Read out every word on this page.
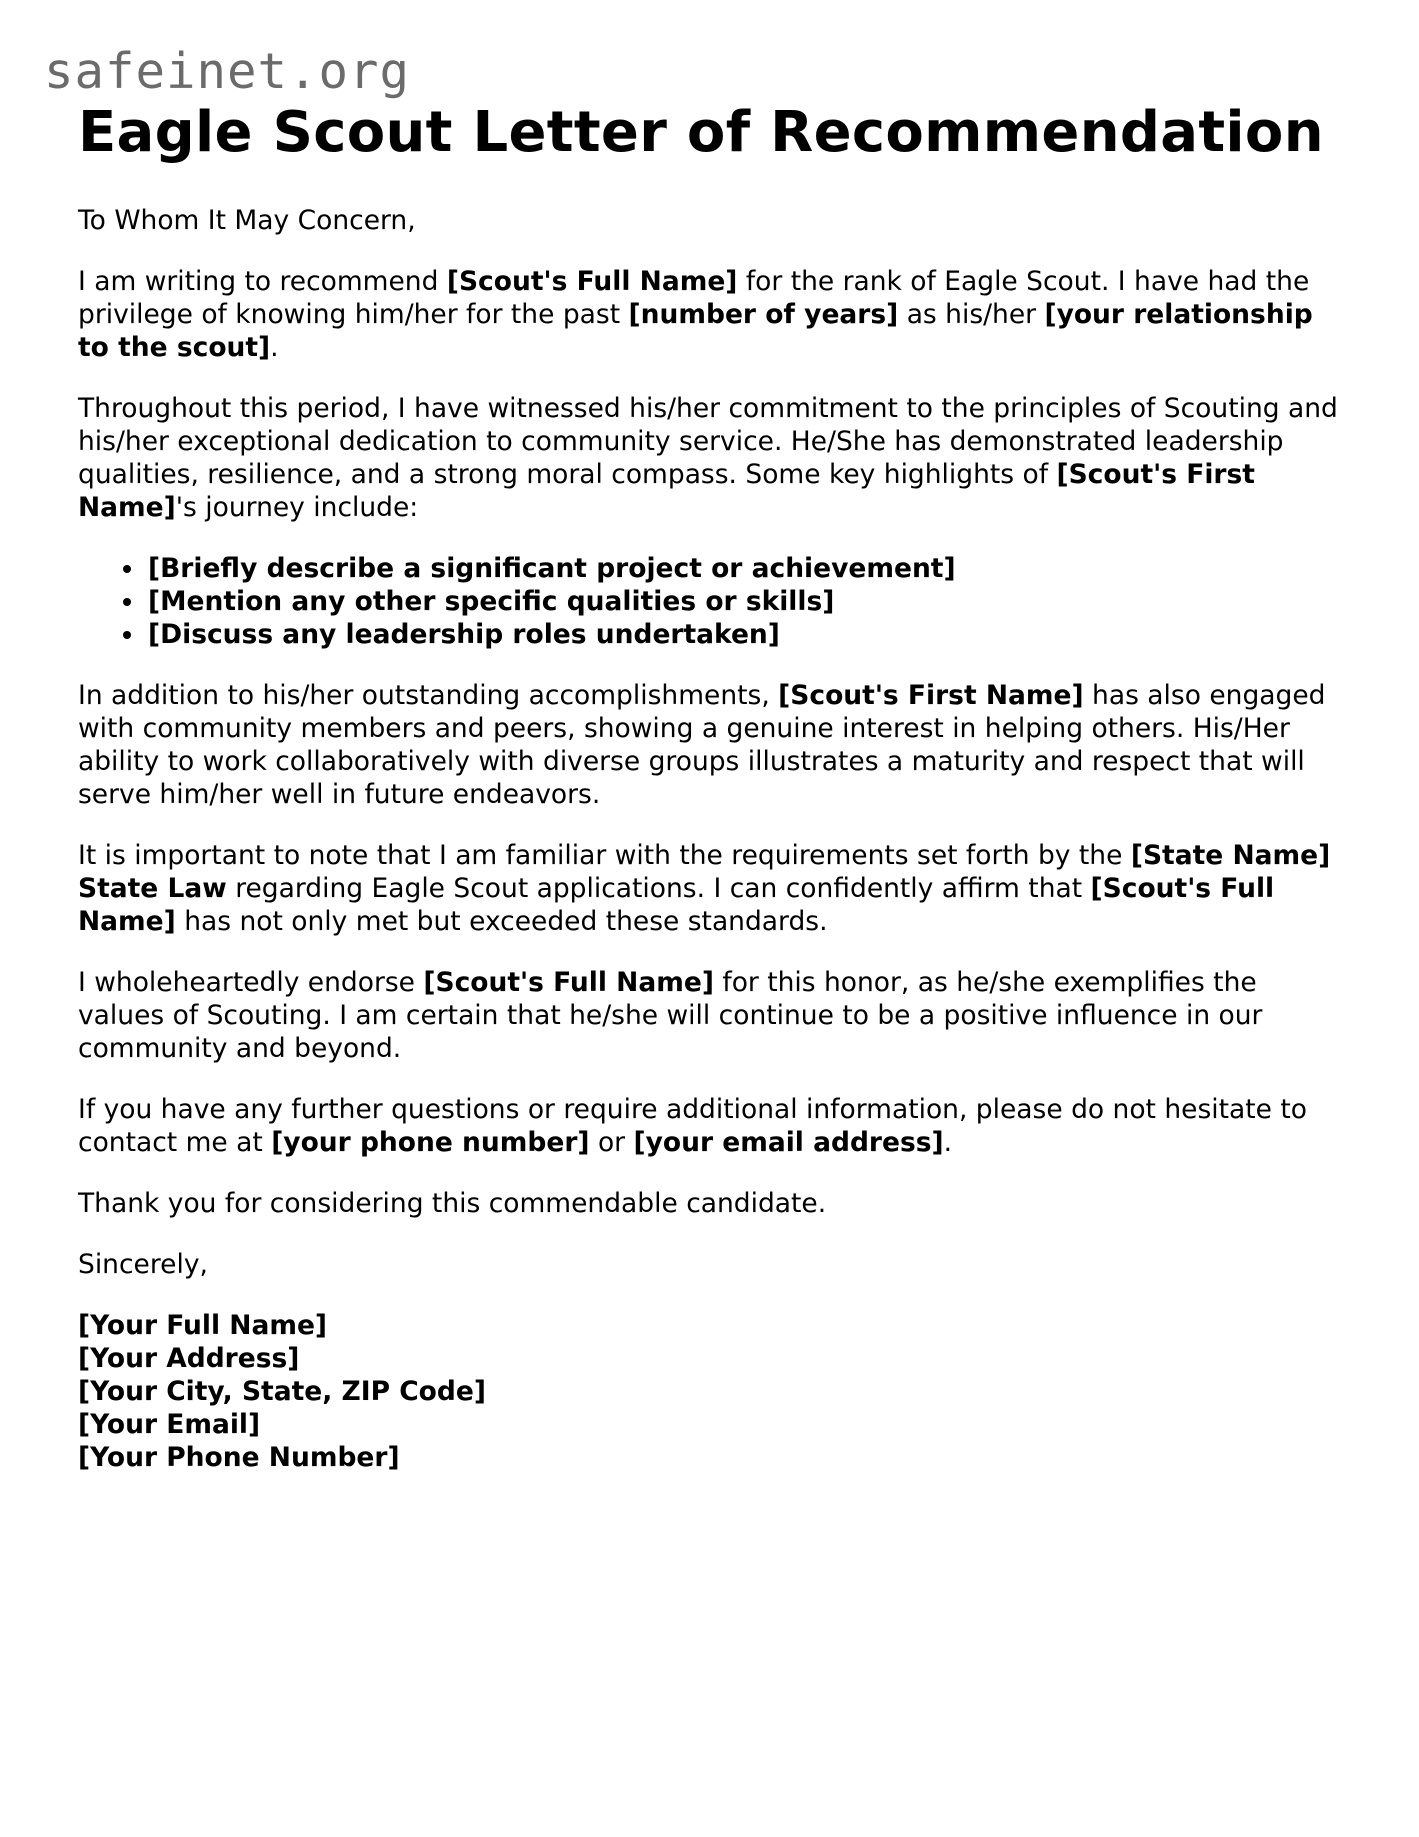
safeinet.org
Eagle Scout Letter of Recommendation

To Whom It May Concern,

I am writing to recommend [Scout's Full Name] for the rank of Eagle Scout. I have had the privilege of knowing him/her for the past [number of years] as his/her [your relationship to the scout].

Throughout this period, I have witnessed his/her commitment to the principles of Scouting and his/her exceptional dedication to community service. He/She has demonstrated leadership qualities, resilience, and a strong moral compass. Some key highlights of [Scout's First Name]'s journey include:

• [Briefly describe a significant project or achievement]
• [Mention any other specific qualities or skills]
• [Discuss any leadership roles undertaken]

In addition to his/her outstanding accomplishments, [Scout's First Name] has also engaged with community members and peers, showing a genuine interest in helping others. His/Her ability to work collaboratively with diverse groups illustrates a maturity and respect that will serve him/her well in future endeavors.

It is important to note that I am familiar with the requirements set forth by the [State Name] State Law regarding Eagle Scout applications. I can confidently affirm that [Scout's Full Name] has not only met but exceeded these standards.

I wholeheartedly endorse [Scout's Full Name] for this honor, as he/she exemplifies the values of Scouting. I am certain that he/she will continue to be a positive influence in our community and beyond.

If you have any further questions or require additional information, please do not hesitate to contact me at [your phone number] or [your email address].

Thank you for considering this commendable candidate.

Sincerely,

[Your Full Name]
[Your Address]
[Your City, State, ZIP Code]
[Your Email]
[Your Phone Number]
